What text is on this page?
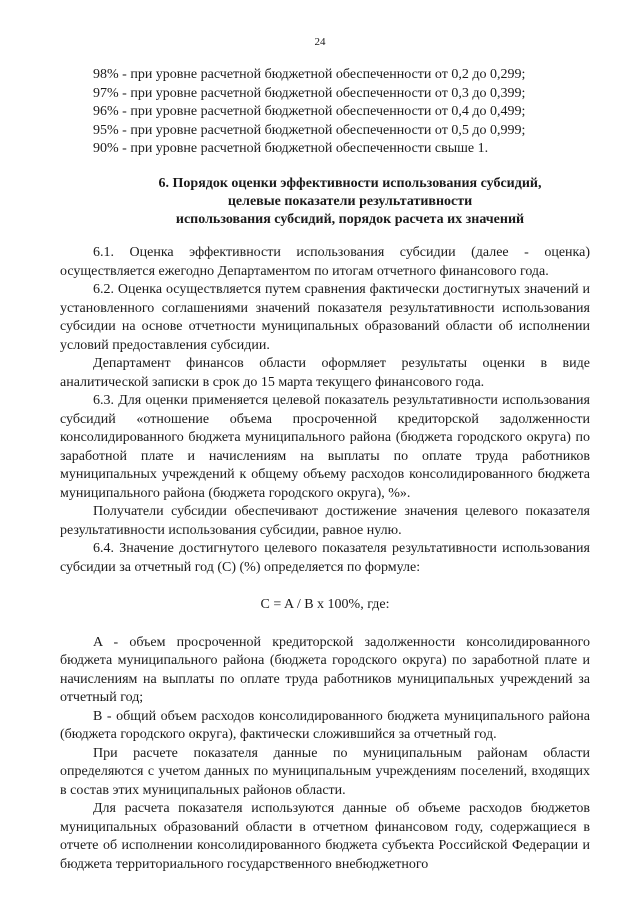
24
98% - при уровне расчетной бюджетной обеспеченности от 0,2 до 0,299;
97% - при уровне расчетной бюджетной обеспеченности от 0,3 до 0,399;
96% - при уровне расчетной бюджетной обеспеченности от 0,4 до 0,499;
95% - при уровне расчетной бюджетной обеспеченности от 0,5 до 0,999;
90% - при уровне расчетной бюджетной обеспеченности свыше 1.
6. Порядок оценки эффективности использования субсидий,
целевые показатели результативности
использования субсидий, порядок расчета их значений

6.1. Оценка эффективности использования субсидии (далее - оценка) осуществляется ежегодно Департаментом по итогам отчетного финансового года.

6.2. Оценка осуществляется путем сравнения фактически достигнутых значений и установленного соглашениями значений показателя результативности использования субсидии на основе отчетности муниципальных образований области об исполнении условий предоставления субсидии.

Департамент финансов области оформляет результаты оценки в виде аналитической записки в срок до 15 марта текущего финансового года.

6.3. Для оценки применяется целевой показатель результативности использования субсидий «отношение объема просроченной кредиторской задолженности консолидированного бюджета муниципального района (бюджета городского округа) по заработной плате и начислениям на выплаты по оплате труда работников муниципальных учреждений к общему объему расходов консолидированного бюджета муниципального района (бюджета городского округа), %».

Получатели субсидии обеспечивают достижение значения целевого показателя результативности использования субсидии, равное нулю.

6.4. Значение достигнутого целевого показателя результативности использования субсидии за отчетный год (С) (%) определяется по формуле:

C = A / B x 100%, где:

A - объем просроченной кредиторской задолженности консолидированного бюджета муниципального района (бюджета городского округа) по заработной плате и начислениям на выплаты по оплате труда работников муниципальных учреждений за отчетный год;

B - общий объем расходов консолидированного бюджета муниципального района (бюджета городского округа), фактически сложившийся за отчетный год.

При расчете показателя данные по муниципальным районам области определяются с учетом данных по муниципальным учреждениям поселений, входящих в состав этих муниципальных районов области.

Для расчета показателя используются данные об объеме расходов бюджетов муниципальных образований области в отчетном финансовом году, содержащиеся в отчете об исполнении консолидированного бюджета субъекта Российской Федерации и бюджета территориального государственного внебюджетного
